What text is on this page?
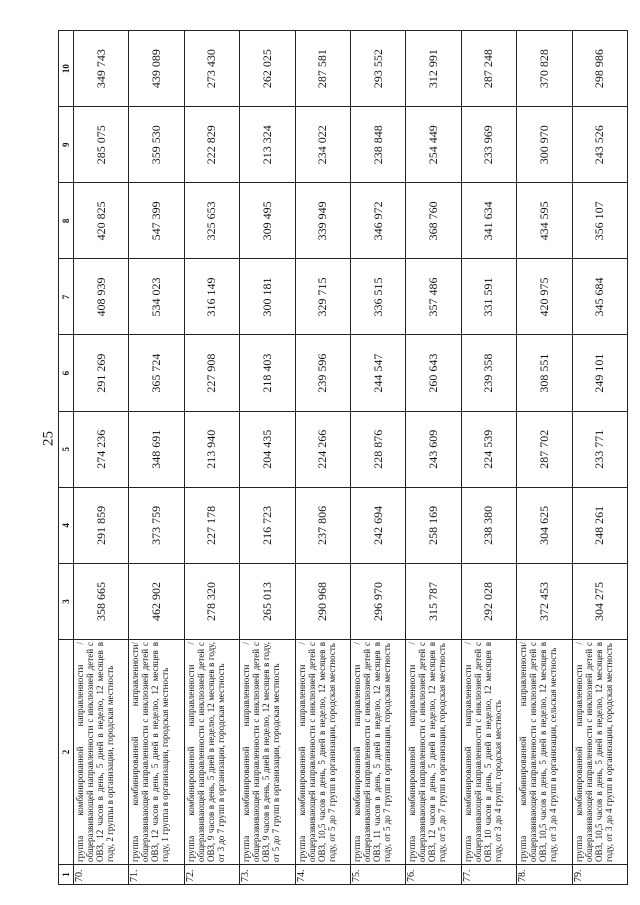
25
1	2	3	4	5	6	7	8	9	10
70.	группа комбинированной направленности / общеразвивающей направленности с инклюзией детей с ОВЗ, 12 часов в день, 5 дней в неделю, 12 месяцев в году, 2 группы в организации, городская местность	358 665	291 859	274 236	291 269	408 939	420 825	285 075	349 743
71.	группа комбинированной направленности/ общеразвивающей направленности с инклюзией детей с ОВЗ, 12 часов в день, 5 дней в неделю, 12 месяцев в году, 1 группа в организации, городская местность	462 902	373 759	348 691	365 724	534 023	547 399	359 530	439 089
72.	группа комбинированной направленности / общеразвивающей направленности с инклюзией детей с ОВЗ, 9 часов в день, 5 дней в неделю, 12 месяцев в году, от 3 до 7 групп в организации, городская местность	278 320	227 178	213 940	227 908	316 149	325 653	222 829	273 430
73.	группа комбинированной направленности / общеразвивающей направленности с инклюзией детей с ОВЗ, 9 часов в день, 5 дней в неделю, 12 месяцев в году, от 5 до 7 групп в организации, городская местность	265 013	216 723	204 435	218 403	300 181	309 495	213 324	262 025
74.	группа комбинированной направленности / общеразвивающей направленности с инклюзией детей с ОВЗ, 10,5 часов в день, 5 дней в неделю, 12 месяцев в году, от 5 до 7 групп в организации, городская местность	290 968	237 806	224 266	239 596	329 715	339 949	234 022	287 581
75.	группа комбинированной направленности / общеразвивающей направленности с инклюзией детей с ОВЗ, 11 часов в день, 5 дней в неделю, 12 месяцев в году, от 5 до 7 групп в организации, городская местность	296 970	242 694	228 876	244 547	336 515	346 972	238 848	293 552
76.	группа комбинированной направленности / общеразвивающей направленности с инклюзией детей с ОВЗ, 12 часов в день, 5 дней в неделю, 12 месяцев в году, от 5 до 7 групп в организации, городская местность	315 787	258 169	243 609	260 643	357 486	368 760	254 449	312 991
77.	группа комбинированной направленности / общеразвивающей направленности с инклюзией детей с ОВЗ, 10 часов в день, 5 дней в неделю, 12 месяцев в году, от 3 до 4 групп, городская местность	292 028	238 380	224 539	239 358	331 591	341 634	233 969	287 248
78.	группа комбинированной направленности/ общеразвивающей направленности с инклюзией детей с ОВЗ, 10,5 часов в день, 5 дней в неделю, 12 месяцев в году, от 3 до 4 групп в организации, сельская местность	372 453	304 625	287 702	308 551	420 975	434 595	300 970	370 828
79.	группа комбинированной направленности / общеразвивающей направленности с инклюзией детей с ОВЗ, 10,5 часов в день, 5 дней в неделю, 12 месяцев в году, от 3 до 4 групп в организации, городская местность	304 275	248 261	233 771	249 101	345 684	356 107	243 526	298 986
